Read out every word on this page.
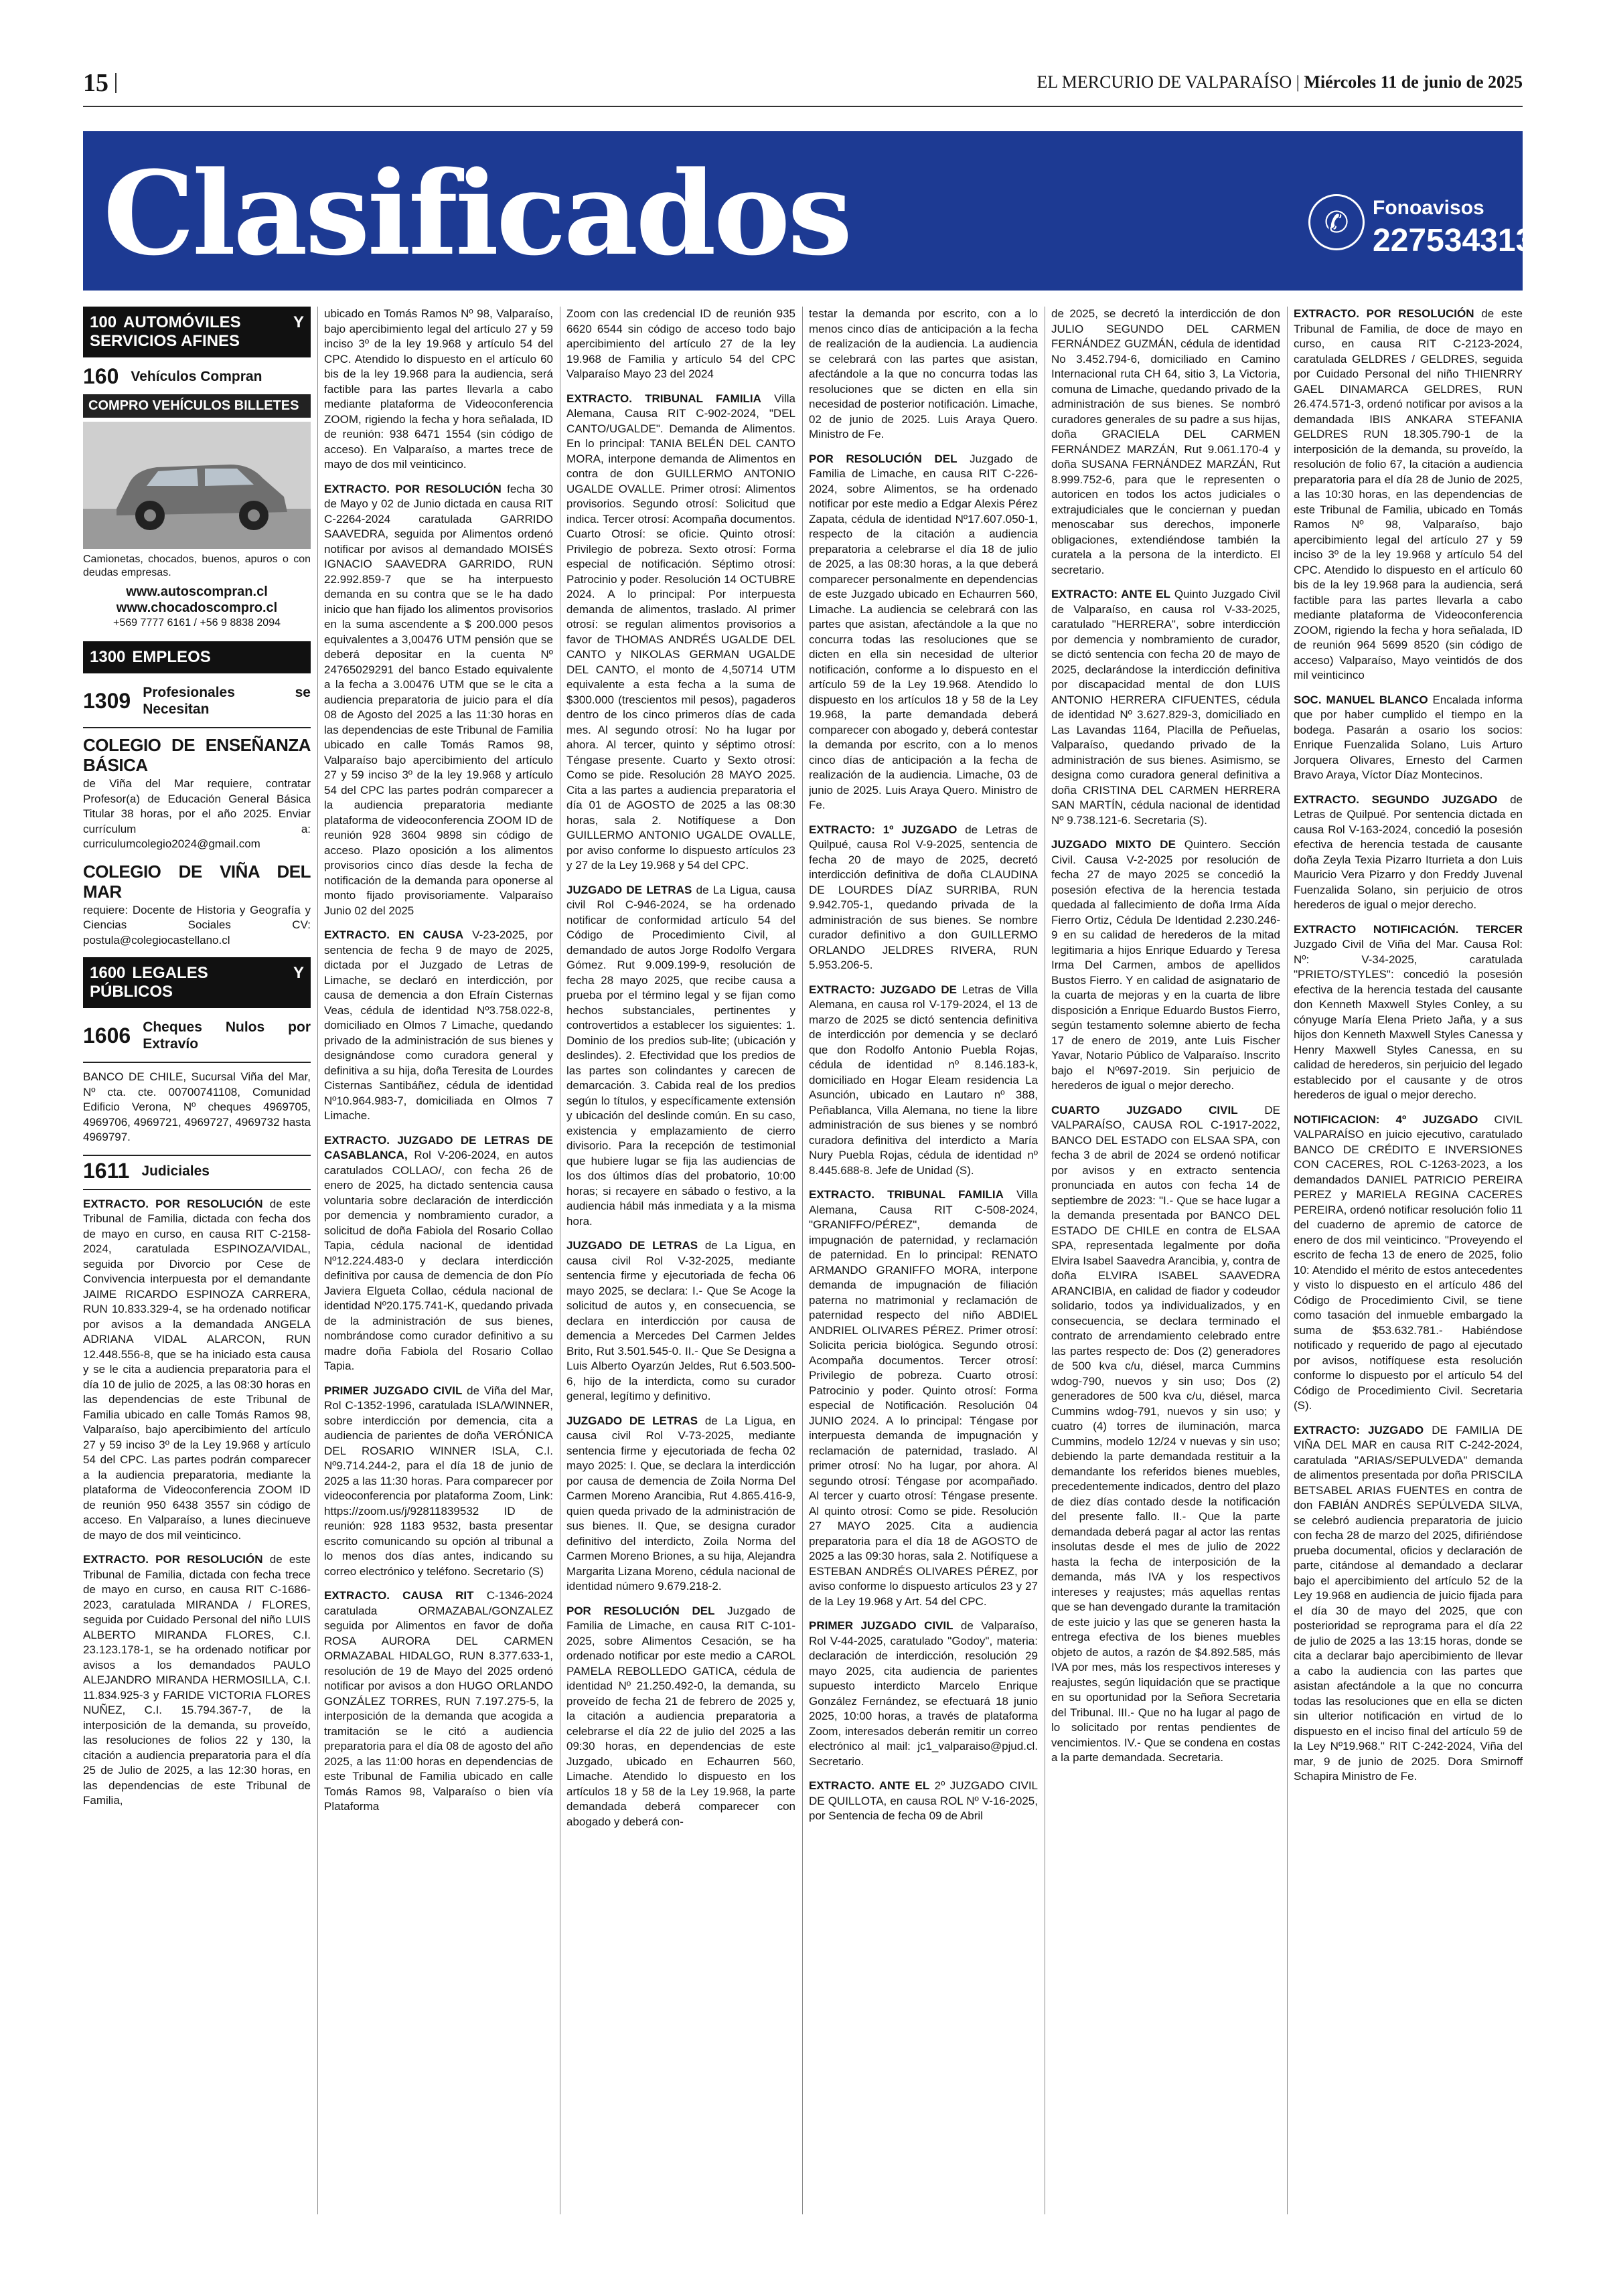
15	EL MERCURIO DE VALPARAÍSO | Miércoles 11 de junio de 2025
Clasificados	✆	Fonoavisos
227534313
100 AUTOMÓVILES Y SERVICIOS AFINES
160 Vehículos Compran
COMPRO VEHÍCULOS BILLETES
Camionetas, chocados, buenos, apuros o con deudas empresas.
www.autoscompran.cl
www.chocadoscompro.cl
+569 7777 6161 / +56 9 8838 2094
1300 EMPLEOS
1309 Profesionales se Necesitan
COLEGIO DE ENSEÑANZA BÁSICA

de Viña del Mar requiere, contratar Profesor(a) de Educación General Básica Titular 38 horas, por el año 2025. Enviar currículum a: curriculumcolegio2024@gmail.com

COLEGIO DE VIÑA DEL MAR

requiere: Docente de Historia y Geografía y Ciencias Sociales CV: postula@colegiocastellano.cl

1600 LEGALES Y PÚBLICOS
1606 Cheques Nulos por Extravío

BANCO DE CHILE, Sucursal Viña del Mar, Nº cta. cte. 00700741108, Comunidad Edificio Verona, Nº cheques 4969705, 4969706, 4969721, 4969727, 4969732 hasta 4969797.

1611 Judiciales

EXTRACTO. POR RESOLUCIÓN de este Tribunal de Familia, dictada con fecha dos de mayo en curso, en causa RIT C-2158-2024, caratulada ESPINOZA/VIDAL, seguida por Divorcio por Cese de Convivencia interpuesta por el demandante JAIME RICARDO ESPINOZA CARRERA, RUN 10.833.329-4, se ha ordenado notificar por avisos a la demandada ANGELA ADRIANA VIDAL ALARCON, RUN 12.448.556-8, que se ha iniciado esta causa y se le cita a audiencia preparatoria para el día 10 de julio de 2025, a las 08:30 horas en las dependencias de este Tribunal de Familia ubicado en calle Tomás Ramos 98, Valparaíso, bajo apercibimiento del artículo 27 y 59 inciso 3º de la Ley 19.968 y artículo 54 del CPC. Las partes podrán comparecer a la audiencia preparatoria, mediante la plataforma de Videoconferencia ZOOM ID de reunión 950 6438 3557 sin código de acceso. En Valparaíso, a lunes diecinueve de mayo de dos mil veinticinco.

EXTRACTO. POR RESOLUCIÓN de este Tribunal de Familia, dictada con fecha trece de mayo en curso, en causa RIT C-1686-2023, caratulada MIRANDA / FLORES, seguida por Cuidado Personal del niño LUIS ALBERTO MIRANDA FLORES, C.I. 23.123.178-1, se ha ordenado notificar por avisos a los demandados PAULO ALEJANDRO MIRANDA HERMOSILLA, C.I. 11.834.925-3 y FARIDE VICTORIA FLORES NUÑEZ, C.I. 15.794.367-7, de la interposición de la demanda, su proveído, las resoluciones de folios 22 y 130, la citación a audiencia preparatoria para el día 25 de Julio de 2025, a las 12:30 horas, en las dependencias de este Tribunal de Familia,

ubicado en Tomás Ramos Nº 98, Valparaíso, bajo apercibimiento legal del artículo 27 y 59 inciso 3º de la ley 19.968 y artículo 54 del CPC. Atendido lo dispuesto en el artículo 60 bis de la ley 19.968 para la audiencia, será factible para las partes llevarla a cabo mediante plataforma de Videoconferencia ZOOM, rigiendo la fecha y hora señalada, ID de reunión: 938 6471 1554 (sin código de acceso). En Valparaíso, a martes trece de mayo de dos mil veinticinco.

EXTRACTO. POR RESOLUCIÓN fecha 30 de Mayo y 02 de Junio dictada en causa RIT C-2264-2024 caratulada GARRIDO SAAVEDRA, seguida por Alimentos ordenó notificar por avisos al demandado MOISÉS IGNACIO SAAVEDRA GARRIDO, RUN 22.992.859-7 que se ha interpuesto demanda en su contra que se le ha dado inicio que han fijado los alimentos provisorios en la suma ascendente a $ 200.000 pesos equivalentes a 3,00476 UTM pensión que se deberá depositar en la cuenta Nº 24765029291 del banco Estado equivalente a la fecha a 3.00476 UTM que se le cita a audiencia preparatoria de juicio para el día 08 de Agosto del 2025 a las 11:30 horas en las dependencias de este Tribunal de Familia ubicado en calle Tomás Ramos 98, Valparaíso bajo apercibimiento del artículo 27 y 59 inciso 3º de la ley 19.968 y artículo 54 del CPC las partes podrán comparecer a la audiencia preparatoria mediante plataforma de videoconferencia ZOOM ID de reunión 928 3604 9898 sin código de acceso. Plazo oposición a los alimentos provisorios cinco días desde la fecha de notificación de la demanda para oponerse al monto fijado provisoriamente. Valparaíso Junio 02 del 2025

EXTRACTO. EN CAUSA V-23-2025, por sentencia de fecha 9 de mayo de 2025, dictada por el Juzgado de Letras de Limache, se declaró en interdicción, por causa de demencia a don Efraín Cisternas Veas, cédula de identidad Nº3.758.022-8, domiciliado en Olmos 7 Limache, quedando privado de la administración de sus bienes y designándose como curadora general y definitiva a su hija, doña Teresita de Lourdes Cisternas Santibáñez, cédula de identidad Nº10.964.983-7, domiciliada en Olmos 7 Limache.

EXTRACTO. JUZGADO DE LETRAS DE CASABLANCA, Rol V-206-2024, en autos caratulados COLLAO/, con fecha 26 de enero de 2025, ha dictado sentencia causa voluntaria sobre declaración de interdicción por demencia y nombramiento curador, a solicitud de doña Fabiola del Rosario Collao Tapia, cédula nacional de identidad Nº12.224.483-0 y declara interdicción definitiva por causa de demencia de don Pío Javiera Elgueta Collao, cédula nacional de identidad Nº20.175.741-K, quedando privada de la administración de sus bienes, nombrándose como curador definitivo a su madre doña Fabiola del Rosario Collao Tapia.

PRIMER JUZGADO CIVIL de Viña del Mar, Rol C-1352-1996, caratulada ISLA/WINNER, sobre interdicción por demencia, cita a audiencia de parientes de doña VERÓNICA DEL ROSARIO WINNER ISLA, C.I. Nº9.714.244-2, para el día 18 de junio de 2025 a las 11:30 horas. Para comparecer por videoconferencia por plataforma Zoom, Link: https://zoom.us/j/92811839532 ID de reunión: 928 1183 9532, basta presentar escrito comunicando su opción al tribunal a lo menos dos días antes, indicando su correo electrónico y teléfono. Secretario (S)

EXTRACTO. CAUSA RIT C-1346-2024 caratulada ORMAZABAL/GONZALEZ seguida por Alimentos en favor de doña ROSA AURORA DEL CARMEN ORMAZABAL HIDALGO, RUN 8.377.633-1, resolución de 19 de Mayo del 2025 ordenó notificar por avisos a don HUGO ORLANDO GONZÁLEZ TORRES, RUN 7.197.275-5, la interposición de la demanda que acogida a tramitación se le citó a audiencia preparatoria para el día 08 de agosto del año 2025, a las 11:00 horas en dependencias de este Tribunal de Familia ubicado en calle Tomás Ramos 98, Valparaíso o bien vía Plataforma

Zoom con las credencial ID de reunión 935 6620 6544 sin código de acceso todo bajo apercibimiento del artículo 27 de la ley 19.968 de Familia y artículo 54 del CPC Valparaíso Mayo 23 del 2024

EXTRACTO. TRIBUNAL FAMILIA Villa Alemana, Causa RIT C-902-2024, "DEL CANTO/UGALDE". Demanda de Alimentos. En lo principal: TANIA BELÉN DEL CANTO MORA, interpone demanda de Alimentos en contra de don GUILLERMO ANTONIO UGALDE OVALLE. Primer otrosí: Alimentos provisorios. Segundo otrosí: Solicitud que indica. Tercer otrosí: Acompaña documentos. Cuarto Otrosí: se oficie. Quinto otrosí: Privilegio de pobreza. Sexto otrosí: Forma especial de notificación. Séptimo otrosí: Patrocinio y poder. Resolución 14 OCTUBRE 2024. A lo principal: Por interpuesta demanda de alimentos, traslado. Al primer otrosí: se regulan alimentos provisorios a favor de THOMAS ANDRÉS UGALDE DEL CANTO y NIKOLAS GERMAN UGALDE DEL CANTO, el monto de 4,50714 UTM equivalente a esta fecha a la suma de $300.000 (trescientos mil pesos), pagaderos dentro de los cinco primeros días de cada mes. Al segundo otrosí: No ha lugar por ahora. Al tercer, quinto y séptimo otrosí: Téngase presente. Cuarto y Sexto otrosí: Como se pide. Resolución 28 MAYO 2025. Cita a las partes a audiencia preparatoria el día 01 de AGOSTO de 2025 a las 08:30 horas, sala 2. Notifíquese a Don GUILLERMO ANTONIO UGALDE OVALLE, por aviso conforme lo dispuesto artículos 23 y 27 de la Ley 19.968 y 54 del CPC.

JUZGADO DE LETRAS de La Ligua, causa civil Rol C-946-2024, se ha ordenado notificar de conformidad artículo 54 del Código de Procedimiento Civil, al demandado de autos Jorge Rodolfo Vergara Gómez. Rut 9.009.199-9, resolución de fecha 28 mayo 2025, que recibe causa a prueba por el término legal y se fijan como hechos substanciales, pertinentes y controvertidos a establecer los siguientes: 1. Dominio de los predios sub-lite; (ubicación y deslindes). 2. Efectividad que los predios de las partes son colindantes y carecen de demarcación. 3. Cabida real de los predios según lo títulos, y específicamente extensión y ubicación del deslinde común. En su caso, existencia y emplazamiento de cierro divisorio. Para la recepción de testimonial que hubiere lugar se fija las audiencias de los dos últimos días del probatorio, 10:00 horas; si recayere en sábado o festivo, a la audiencia hábil más inmediata y a la misma hora.

JUZGADO DE LETRAS de La Ligua, en causa civil Rol V-32-2025, mediante sentencia firme y ejecutoriada de fecha 06 mayo 2025, se declara: I.- Que Se Acoge la solicitud de autos y, en consecuencia, se declara en interdicción por causa de demencia a Mercedes Del Carmen Jeldes Brito, Rut 3.501.545-0. II.- Que Se Designa a Luis Alberto Oyarzún Jeldes, Rut 6.503.500-6, hijo de la interdicta, como su curador general, legítimo y definitivo.

JUZGADO DE LETRAS de La Ligua, en causa civil Rol V-73-2025, mediante sentencia firme y ejecutoriada de fecha 02 mayo 2025: I. Que, se declara la interdicción por causa de demencia de Zoila Norma Del Carmen Moreno Arancibia, Rut 4.865.416-9, quien queda privado de la administración de sus bienes. II. Que, se designa curador definitivo del interdicto, Zoila Norma del Carmen Moreno Briones, a su hija, Alejandra Margarita Lizana Moreno, cédula nacional de identidad número 9.679.218-2.

POR RESOLUCIÓN DEL Juzgado de Familia de Limache, en causa RIT C-101-2025, sobre Alimentos Cesación, se ha ordenado notificar por este medio a CAROL PAMELA REBOLLEDO GATICA, cédula de identidad Nº 21.250.492-0, la demanda, su proveído de fecha 21 de febrero de 2025 y, la citación a audiencia preparatoria a celebrarse el día 22 de julio del 2025 a las 09:30 horas, en dependencias de este Juzgado, ubicado en Echaurren 560, Limache. Atendido lo dispuesto en los artículos 18 y 58 de la Ley 19.968, la parte demandada deberá comparecer con abogado y deberá con-

testar la demanda por escrito, con a lo menos cinco días de anticipación a la fecha de realización de la audiencia. La audiencia se celebrará con las partes que asistan, afectándole a la que no concurra todas las resoluciones que se dicten en ella sin necesidad de posterior notificación. Limache, 02 de junio de 2025. Luis Araya Quero. Ministro de Fe.

POR RESOLUCIÓN DEL Juzgado de Familia de Limache, en causa RIT C-226-2024, sobre Alimentos, se ha ordenado notificar por este medio a Edgar Alexis Pérez Zapata, cédula de identidad Nº17.607.050-1, respecto de la citación a audiencia preparatoria a celebrarse el día 18 de julio de 2025, a las 08:30 horas, a la que deberá comparecer personalmente en dependencias de este Juzgado ubicado en Echaurren 560, Limache. La audiencia se celebrará con las partes que asistan, afectándole a la que no concurra todas las resoluciones que se dicten en ella sin necesidad de ulterior notificación, conforme a lo dispuesto en el artículo 59 de la Ley 19.968. Atendido lo dispuesto en los artículos 18 y 58 de la Ley 19.968, la parte demandada deberá comparecer con abogado y, deberá contestar la demanda por escrito, con a lo menos cinco días de anticipación a la fecha de realización de la audiencia. Limache, 03 de junio de 2025. Luis Araya Quero. Ministro de Fe.

EXTRACTO: 1º JUZGADO de Letras de Quilpué, causa Rol V-9-2025, sentencia de fecha 20 de mayo de 2025, decretó interdicción definitiva de doña CLAUDINA DE LOURDES DÍAZ SURRIBA, RUN 9.942.705-1, quedando privada de la administración de sus bienes. Se nombre curador definitivo a don GUILLERMO ORLANDO JELDRES RIVERA, RUN 5.953.206-5.

EXTRACTO: JUZGADO DE Letras de Villa Alemana, en causa rol V-179-2024, el 13 de marzo de 2025 se dictó sentencia definitiva de interdicción por demencia y se declaró que don Rodolfo Antonio Puebla Rojas, cédula de identidad nº 8.146.183-k, domiciliado en Hogar Eleam residencia La Asunción, ubicado en Lautaro nº 388, Peñablanca, Villa Alemana, no tiene la libre administración de sus bienes y se nombró curadora definitiva del interdicto a María Nury Puebla Rojas, cédula de identidad nº 8.445.688-8. Jefe de Unidad (S).

EXTRACTO. TRIBUNAL FAMILIA Villa Alemana, Causa RIT C-508-2024, "GRANIFFO/PÉREZ", demanda de impugnación de paternidad, y reclamación de paternidad. En lo principal: RENATO ARMANDO GRANIFFO MORA, interpone demanda de impugnación de filiación paterna no matrimonial y reclamación de paternidad respecto del niño ABDIEL ANDRIEL OLIVARES PÉREZ. Primer otrosí: Solicita pericia biológica. Segundo otrosí: Acompaña documentos. Tercer otrosí: Privilegio de pobreza. Cuarto otrosí: Patrocinio y poder. Quinto otrosí: Forma especial de Notificación. Resolución 04 JUNIO 2024. A lo principal: Téngase por interpuesta demanda de impugnación y reclamación de paternidad, traslado. Al primer otrosí: No ha lugar, por ahora. Al segundo otrosí: Téngase por acompañado. Al tercer y cuarto otrosí: Téngase presente. Al quinto otrosí: Como se pide. Resolución 27 MAYO 2025. Cita a audiencia preparatoria para el día 18 de AGOSTO de 2025 a las 09:30 horas, sala 2. Notifíquese a ESTEBAN ANDRÉS OLIVARES PÉREZ, por aviso conforme lo dispuesto artículos 23 y 27 de la Ley 19.968 y Art. 54 del CPC.

PRIMER JUZGADO CIVIL de Valparaíso, Rol V-44-2025, caratulado "Godoy", materia: declaración de interdicción, resolución 29 mayo 2025, cita audiencia de parientes supuesto interdicto Marcelo Enrique González Fernández, se efectuará 18 junio 2025, 10:00 horas, a través de plataforma Zoom, interesados deberán remitir un correo electrónico al mail: jc1_valparaiso@pjud.cl. Secretario.

EXTRACTO. ANTE EL 2º JUZGADO CIVIL DE QUILLOTA, en causa ROL Nº V-16-2025, por Sentencia de fecha 09 de Abril

de 2025, se decretó la interdicción de don JULIO SEGUNDO DEL CARMEN FERNÁNDEZ GUZMÁN, cédula de identidad No 3.452.794-6, domiciliado en Camino Internacional ruta CH 64, sitio 3, La Victoria, comuna de Limache, quedando privado de la administración de sus bienes. Se nombró curadores generales de su padre a sus hijas, doña GRACIELA DEL CARMEN FERNÁNDEZ MARZÁN, Rut 9.061.170-4 y doña SUSANA FERNÁNDEZ MARZÁN, Rut 8.999.752-6, para que le representen o autoricen en todos los actos judiciales o extrajudiciales que le conciernan y puedan menoscabar sus derechos, imponerle obligaciones, extendiéndose también la curatela a la persona de la interdicto. El secretario.

EXTRACTO: ANTE EL Quinto Juzgado Civil de Valparaíso, en causa rol V-33-2025, caratulado "HERRERA", sobre interdicción por demencia y nombramiento de curador, se dictó sentencia con fecha 20 de mayo de 2025, declarándose la interdicción definitiva por discapacidad mental de don LUIS ANTONIO HERRERA CIFUENTES, cédula de identidad Nº 3.627.829-3, domiciliado en Las Lavandas 1164, Placilla de Peñuelas, Valparaíso, quedando privado de la administración de sus bienes. Asimismo, se designa como curadora general definitiva a doña CRISTINA DEL CARMEN HERRERA SAN MARTÍN, cédula nacional de identidad Nº 9.738.121-6. Secretaria (S).

JUZGADO MIXTO DE Quintero. Sección Civil. Causa V-2-2025 por resolución de fecha 27 de mayo 2025 se concedió la posesión efectiva de la herencia testada quedada al fallecimiento de doña Irma Aída Fierro Ortiz, Cédula De Identidad 2.230.246-9 en su calidad de herederos de la mitad legitimaria a hijos Enrique Eduardo y Teresa Irma Del Carmen, ambos de apellidos Bustos Fierro. Y en calidad de asignatario de la cuarta de mejoras y en la cuarta de libre disposición a Enrique Eduardo Bustos Fierro, según testamento solemne abierto de fecha 17 de enero de 2019, ante Luis Fischer Yavar, Notario Público de Valparaíso. Inscrito bajo el Nº697-2019. Sin perjuicio de herederos de igual o mejor derecho.

CUARTO JUZGADO CIVIL DE VALPARAÍSO, CAUSA ROL C-1917-2022, BANCO DEL ESTADO con ELSAA SPA, con fecha 3 de abril de 2024 se ordenó notificar por avisos y en extracto sentencia pronunciada en autos con fecha 14 de septiembre de 2023: "I.- Que se hace lugar a la demanda presentada por BANCO DEL ESTADO DE CHILE en contra de ELSAA SPA, representada legalmente por doña Elvira Isabel Saavedra Arancibia, y, contra de doña ELVIRA ISABEL SAAVEDRA ARANCIBIA, en calidad de fiador y codeudor solidario, todos ya individualizados, y en consecuencia, se declara terminado el contrato de arrendamiento celebrado entre las partes respecto de: Dos (2) generadores de 500 kva c/u, diésel, marca Cummins wdog-790, nuevos y sin uso; Dos (2) generadores de 500 kva c/u, diésel, marca Cummins wdog-791, nuevos y sin uso; y cuatro (4) torres de iluminación, marca Cummins, modelo 12/24 v nuevas y sin uso; debiendo la parte demandada restituir a la demandante los referidos bienes muebles, precedentemente indicados, dentro del plazo de diez días contado desde la notificación del presente fallo. II.- Que la parte demandada deberá pagar al actor las rentas insolutas desde el mes de julio de 2022 hasta la fecha de interposición de la demanda, más IVA y los respectivos intereses y reajustes; más aquellas rentas que se han devengado durante la tramitación de este juicio y las que se generen hasta la entrega efectiva de los bienes muebles objeto de autos, a razón de $4.892.585, más IVA por mes, más los respectivos intereses y reajustes, según liquidación que se practique en su oportunidad por la Señora Secretaria del Tribunal. III.- Que no ha lugar al pago de lo solicitado por rentas pendientes de vencimientos. IV.- Que se condena en costas a la parte demandada. Secretaria.

EXTRACTO. POR RESOLUCIÓN de este Tribunal de Familia, de doce de mayo en curso, en causa RIT C-2123-2024, caratulada GELDRES / GELDRES, seguida por Cuidado Personal del niño THIENRRY GAEL DINAMARCA GELDRES, RUN 26.474.571-3, ordenó notificar por avisos a la demandada IBIS ANKARA STEFANIA GELDRES RUN 18.305.790-1 de la interposición de la demanda, su proveído, la resolución de folio 67, la citación a audiencia preparatoria para el día 28 de Junio de 2025, a las 10:30 horas, en las dependencias de este Tribunal de Familia, ubicado en Tomás Ramos Nº 98, Valparaíso, bajo apercibimiento legal del artículo 27 y 59 inciso 3º de la ley 19.968 y artículo 54 del CPC. Atendido lo dispuesto en el artículo 60 bis de la ley 19.968 para la audiencia, será factible para las partes llevarla a cabo mediante plataforma de Videoconferencia ZOOM, rigiendo la fecha y hora señalada, ID de reunión 964 5699 8520 (sin código de acceso) Valparaíso, Mayo veintidós de dos mil veinticinco

SOC. MANUEL BLANCO Encalada informa que por haber cumplido el tiempo en la bodega. Pasarán a osario los socios: Enrique Fuenzalida Solano, Luis Arturo Jorquera Olivares, Ernesto del Carmen Bravo Araya, Víctor Díaz Montecinos.

EXTRACTO. SEGUNDO JUZGADO de Letras de Quilpué. Por sentencia dictada en causa Rol V-163-2024, concedió la posesión efectiva de herencia testada de causante doña Zeyla Texia Pizarro Iturrieta a don Luis Mauricio Vera Pizarro y don Freddy Juvenal Fuenzalida Solano, sin perjuicio de otros herederos de igual o mejor derecho.

EXTRACTO NOTIFICACIÓN. TERCER Juzgado Civil de Viña del Mar. Causa Rol: Nº: V-34-2025, caratulada "PRIETO/STYLES": concedió la posesión efectiva de la herencia testada del causante don Kenneth Maxwell Styles Conley, a su cónyuge María Elena Prieto Jaña, y a sus hijos don Kenneth Maxwell Styles Canessa y Henry Maxwell Styles Canessa, en su calidad de herederos, sin perjuicio del legado establecido por el causante y de otros herederos de igual o mejor derecho.

NOTIFICACION: 4º JUZGADO CIVIL VALPARAÍSO en juicio ejecutivo, caratulado BANCO DE CRÉDITO E INVERSIONES CON CACERES, ROL C-1263-2023, a los demandados DANIEL PATRICIO PEREIRA PEREZ y MARIELA REGINA CACERES PEREIRA, ordenó notificar resolución folio 11 del cuaderno de apremio de catorce de enero de dos mil veinticinco. "Proveyendo el escrito de fecha 13 de enero de 2025, folio 10: Atendido el mérito de estos antecedentes y visto lo dispuesto en el artículo 486 del Código de Procedimiento Civil, se tiene como tasación del inmueble embargado la suma de $53.632.781.- Habiéndose notificado y requerido de pago al ejecutado por avisos, notifíquese esta resolución conforme lo dispuesto por el artículo 54 del Código de Procedimiento Civil. Secretaria (S).

EXTRACTO: JUZGADO DE FAMILIA DE VIÑA DEL MAR en causa RIT C-242-2024, caratulada "ARIAS/SEPULVEDA" demanda de alimentos presentada por doña PRISCILA BETSABEL ARIAS FUENTES en contra de don FABIÁN ANDRÉS SEPÚLVEDA SILVA, se celebró audiencia preparatoria de juicio con fecha 28 de marzo del 2025, difiriéndose prueba documental, oficios y declaración de parte, citándose al demandado a declarar bajo el apercibimiento del artículo 52 de la Ley 19.968 en audiencia de juicio fijada para el día 30 de mayo del 2025, que con posterioridad se reprograma para el día 22 de julio de 2025 a las 13:15 horas, donde se cita a declarar bajo apercibimiento de llevar a cabo la audiencia con las partes que asistan afectándole a la que no concurra todas las resoluciones que en ella se dicten sin ulterior notificación en virtud de lo dispuesto en el inciso final del artículo 59 de la Ley Nº19.968." RIT C-242-2024, Viña del mar, 9 de junio de 2025. Dora Smirnoff Schapira Ministro de Fe.
